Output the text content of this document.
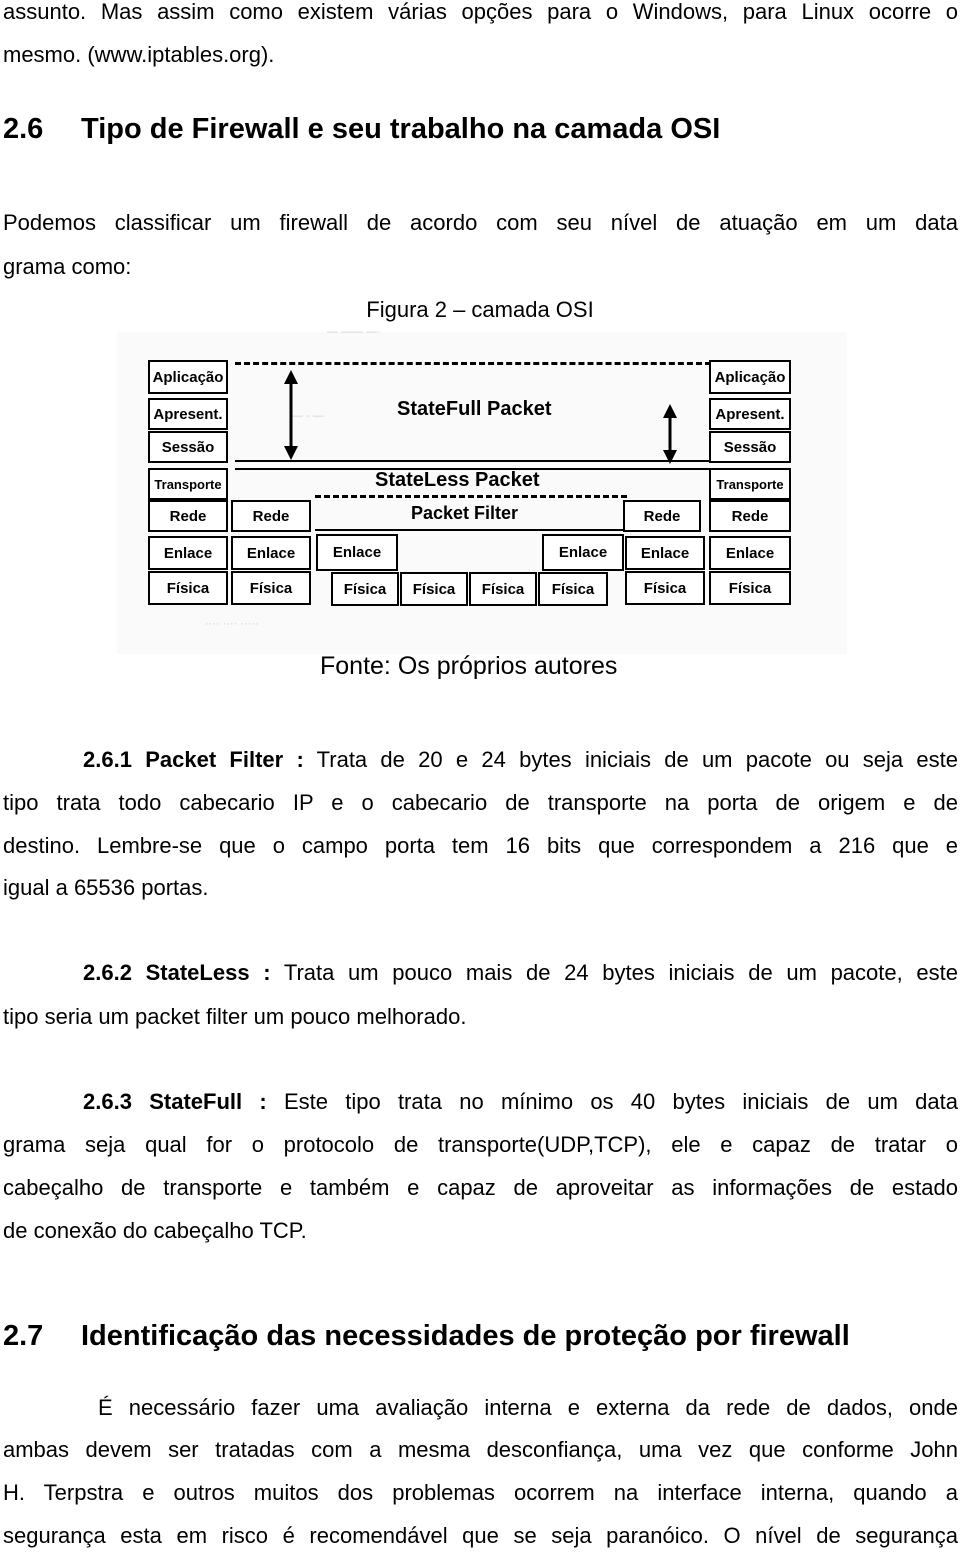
assunto. Mas assim como existem várias opções para o Windows, para Linux ocorre o
mesmo. (www.iptables.org).
2.6 Tipo de Firewall e seu trabalho na camada OSI
Podemos classificar um firewall de acordo com seu nível de atuação em um data
grama como:
Figura 2 – camada OSI
— —— —·
— - —
···· ···· ·····
StateFull Packet
StateLess Packet
Packet Filter
Aplicação
Apresent.
Sessão
Transporte
Rede
Enlace
Física
Rede
Enlace
Física
Enlace	Enlace
Física	Física	Física	Física
Rede
Enlace
Física
Aplicação
Apresent.
Sessão
Transporte
Rede
Enlace
Física
Fonte: Os próprios autores
2.6.1 Packet Filter : Trata de 20 e 24 bytes iniciais de um pacote ou seja este
tipo trata todo cabecario IP e o cabecario de transporte na porta de origem e de
destino. Lembre-se que o campo porta tem 16 bits que correspondem a 216 que e
igual a 65536 portas.
2.6.2 StateLess : Trata um pouco mais de 24 bytes iniciais de um pacote, este
tipo seria um packet filter um pouco melhorado.
2.6.3 StateFull : Este tipo trata no mínimo os 40 bytes iniciais de um data
grama seja qual for o protocolo de transporte(UDP,TCP), ele e capaz de tratar o
cabeçalho de transporte e também e capaz de aproveitar as informações de estado
de conexão do cabeçalho TCP.
2.7 Identificação das necessidades de proteção por firewall
É necessário fazer uma avaliação interna e externa da rede de dados, onde
ambas devem ser tratadas com a mesma desconfiança, uma vez que conforme John
H. Terpstra e outros muitos dos problemas ocorrem na interface interna, quando a
segurança esta em risco é recomendável que se seja paranóico. O nível de segurança
